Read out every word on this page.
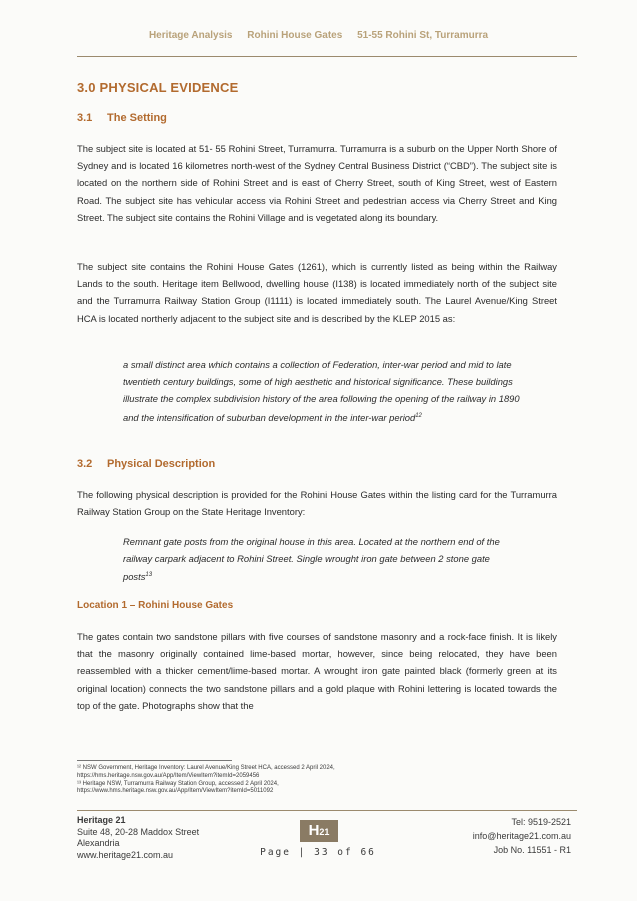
Heritage Analysis Rohini House Gates 51-55 Rohini St, Turramurra
3.0 PHYSICAL EVIDENCE
3.1 The Setting
The subject site is located at 51- 55 Rohini Street, Turramurra. Turramurra is a suburb on the Upper North Shore of Sydney and is located 16 kilometres north-west of the Sydney Central Business District (“CBD”). The subject site is located on the northern side of Rohini Street and is east of Cherry Street, south of King Street, west of Eastern Road. The subject site has vehicular access via Rohini Street and pedestrian access via Cherry Street and King Street. The subject site contains the Rohini Village and is vegetated along its boundary.
The subject site contains the Rohini House Gates (1261), which is currently listed as being within the Railway Lands to the south. Heritage item Bellwood, dwelling house (I138) is located immediately north of the subject site and the Turramurra Railway Station Group (I1111) is located immediately south. The Laurel Avenue/King Street HCA is located northerly adjacent to the subject site and is described by the KLEP 2015 as:
a small distinct area which contains a collection of Federation, inter-war period and mid to late twentieth century buildings, some of high aesthetic and historical significance. These buildings illustrate the complex subdivision history of the area following the opening of the railway in 1890 and the intensification of suburban development in the inter-war period$^{12}$
3.2 Physical Description
The following physical description is provided for the Rohini House Gates within the listing card for the Turramurra Railway Station Group on the State Heritage Inventory:
Remnant gate posts from the original house in this area. Located at the northern end of the railway carpark adjacent to Rohini Street. Single wrought iron gate between 2 stone gate posts$^{13}$
Location 1 – Rohini House Gates
The gates contain two sandstone pillars with five courses of sandstone masonry and a rock-face finish. It is likely that the masonry originally contained lime-based mortar, however, since being relocated, they have been reassembled with a thicker cement/lime-based mortar. A wrought iron gate painted black (formerly green at its original location) connects the two sandstone pillars and a gold plaque with Rohini lettering is located towards the top of the gate. Photographs show that the
¹² NSW Government, Heritage Inventory: Laurel Avenue/King Street HCA, accessed 2 April 2024,
https://hms.heritage.nsw.gov.au/App/Item/ViewItem?itemId=2059456
¹³ Heritage NSW, Turramurra Railway Station Group, accessed 2 April 2024,
https://www.hms.heritage.nsw.gov.au/App/Item/ViewItem?itemId=5011092
Heritage 21
Suite 48, 20-28 Maddox Street
Alexandria
www.heritage21.com.au
H21
Page | 33 of 66
Tel: 9519-2521
info@heritage21.com.au
Job No. 11551 - R1
